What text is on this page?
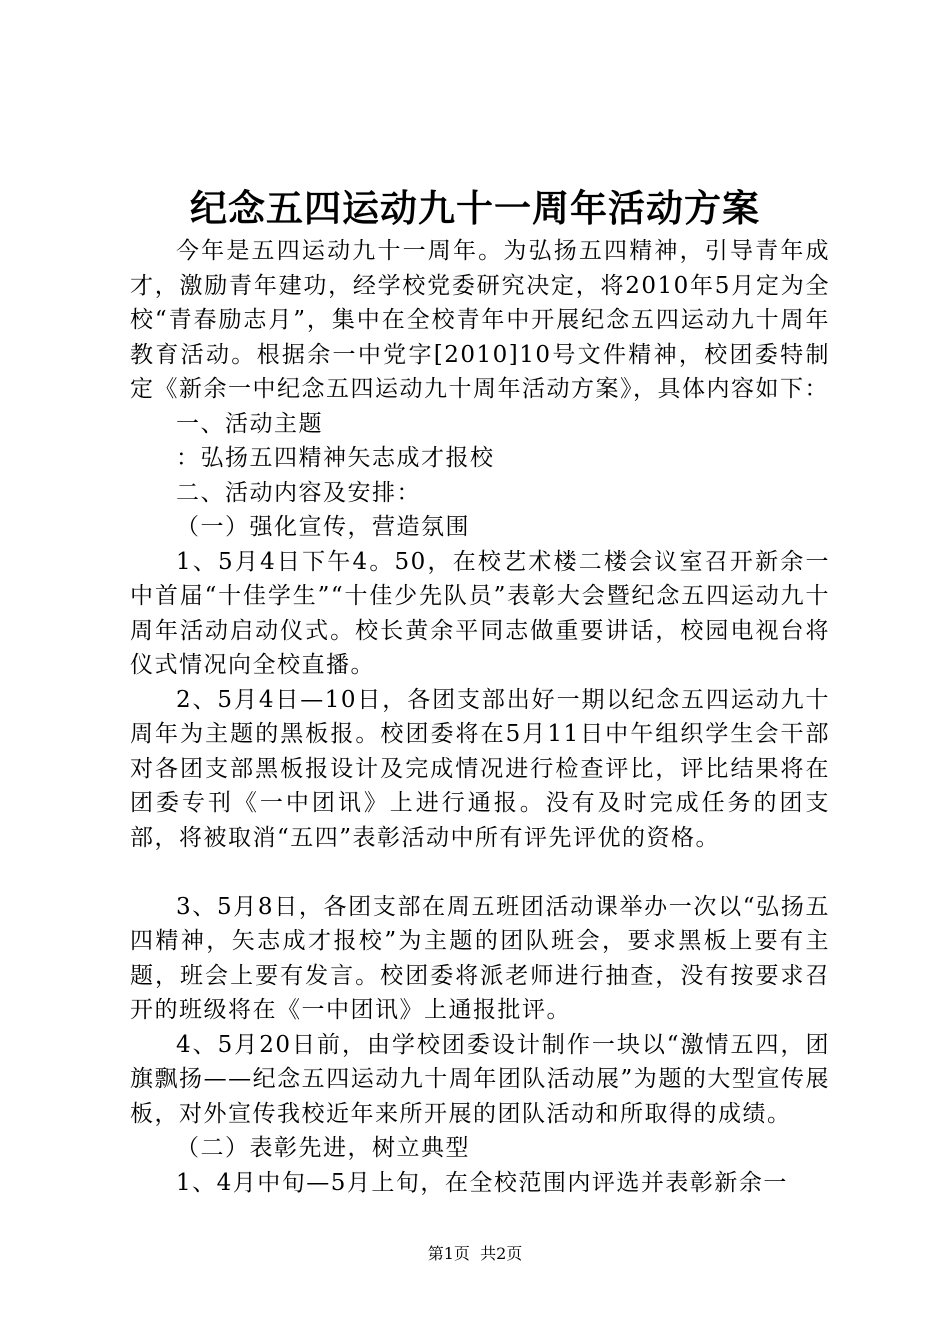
纪念五四运动九十一周年活动方案

今年是五四运动九十一周年。为弘扬五四精神，引导青年成才，激励青年建功，经学校党委研究决定，将2010年5月定为全校“青春励志月”，集中在全校青年中开展纪念五四运动九十周年教育活动。根据余一中党字[2010]10号文件精神，校团委特制定《新余一中纪念五四运动九十周年活动方案》，具体内容如下：

一、活动主题

：弘扬五四精神矢志成才报校

二、活动内容及安排：

（一）强化宣传，营造氛围

1、5月4日下午4。50，在校艺术楼二楼会议室召开新余一中首届“十佳学生”“十佳少先队员”表彰大会暨纪念五四运动九十周年活动启动仪式。校长黄余平同志做重要讲话，校园电视台将仪式情况向全校直播。

2、5月4日—10日，各团支部出好一期以纪念五四运动九十周年为主题的黑板报。校团委将在5月11日中午组织学生会干部对各团支部黑板报设计及完成情况进行检查评比，评比结果将在团委专刊《一中团讯》上进行通报。没有及时完成任务的团支部，将被取消“五四”表彰活动中所有评先评优的资格。

3、5月8日，各团支部在周五班团活动课举办一次以“弘扬五四精神，矢志成才报校”为主题的团队班会，要求黑板上要有主题，班会上要有发言。校团委将派老师进行抽查，没有按要求召开的班级将在《一中团讯》上通报批评。

4、5月20日前，由学校团委设计制作一块以“激情五四，团旗飘扬——纪念五四运动九十周年团队活动展”为题的大型宣传展板，对外宣传我校近年来所开展的团队活动和所取得的成绩。

（二）表彰先进，树立典型

1、4月中旬—5月上旬，在全校范围内评选并表彰新余一

第1页  共2页
